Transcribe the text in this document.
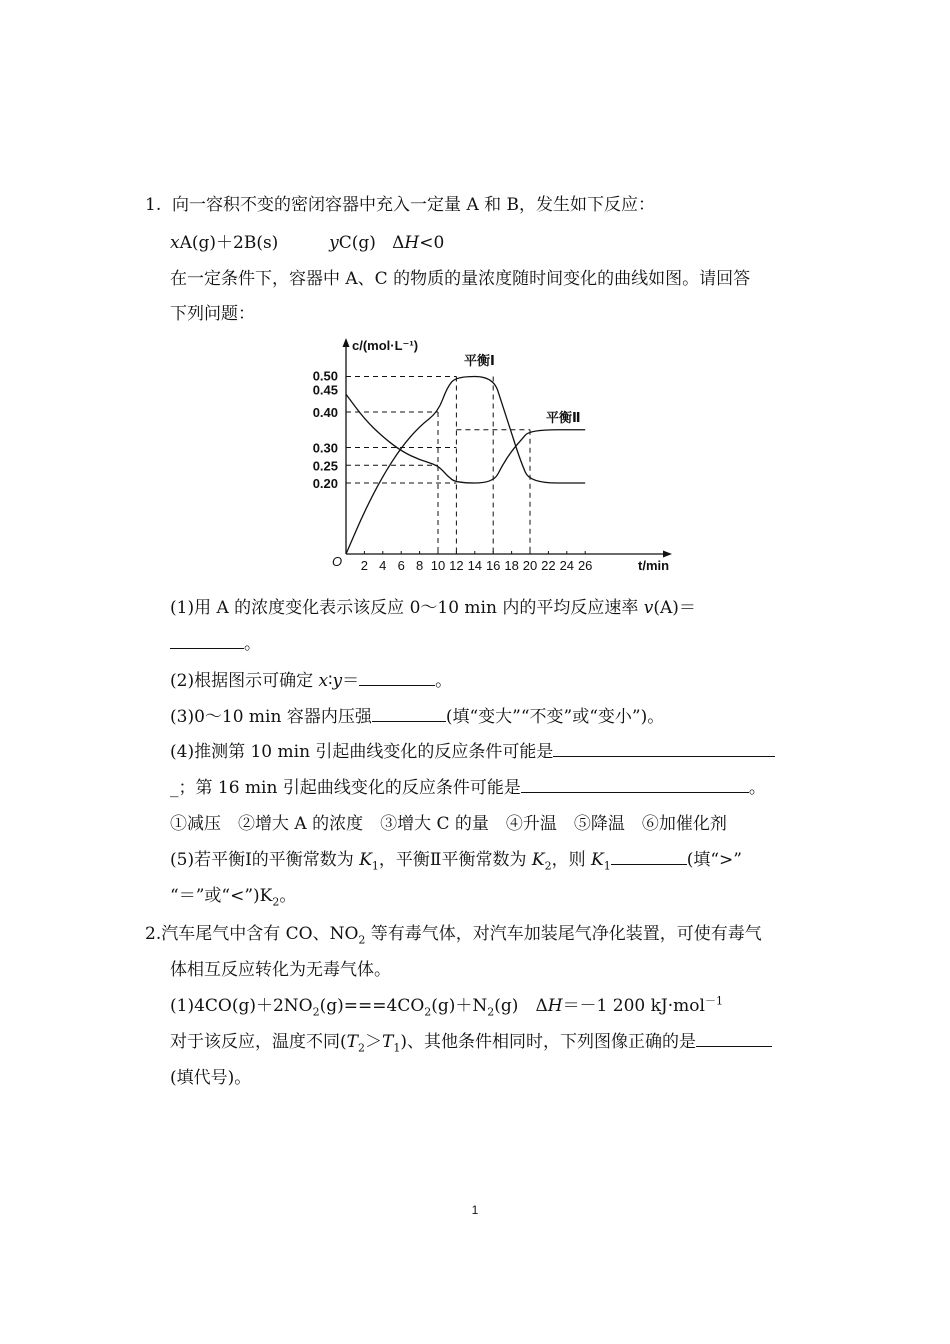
1. 向一容积不变的密闭容器中充入一定量 A 和 B，发生如下反应：
xA(g)＋2B(s)	yC(g) ΔH<0
在一定条件下，容器中 A、C 的物质的量浓度随时间变化的曲线如图。请回答
下列问题：
2 4 6 8 10 12 14 16 18 20 22 24 26
0.20
0.25
0.30
0.40
0.45
0.50
c/(mol·L⁻¹)
t/min
O
平衡Ⅰ
平衡Ⅱ
(1)用 A 的浓度变化表示该反应 0～10 min 内的平均反应速率 v(A)＝
。
(2)根据图示可确定 x∶y＝	。
(3)0～10 min 容器内压强	(填“变大”“不变”或“变小”)。
(4)推测第 10 min 引起曲线变化的反应条件可能是
_；第 16 min 引起曲线变化的反应条件可能是	。
①减压　②增大 A 的浓度　③增大 C 的量　④升温　⑤降温　⑥加催化剂
(5)若平衡Ⅰ的平衡常数为 $K_1$，平衡Ⅱ平衡常数为 $K_2$，则 $K_1$	(填“>”
“＝”或“$<”)K_2$。
2.汽车尾气中含有 CO、$NO_2$ 等有毒气体，对汽车加装尾气净化装置，可使有毒气
体相互反应转化为无毒气体。
$(1)4CO(g)+2NO_2(g)===4CO_2(g)+N_2(g)$　ΔH＝－1 200 kJ·mol$^{-1}$
对于该反应，温度不同$(T_2>T_1)$、其他条件相同时，下列图像正确的是
(填代号)。
1
